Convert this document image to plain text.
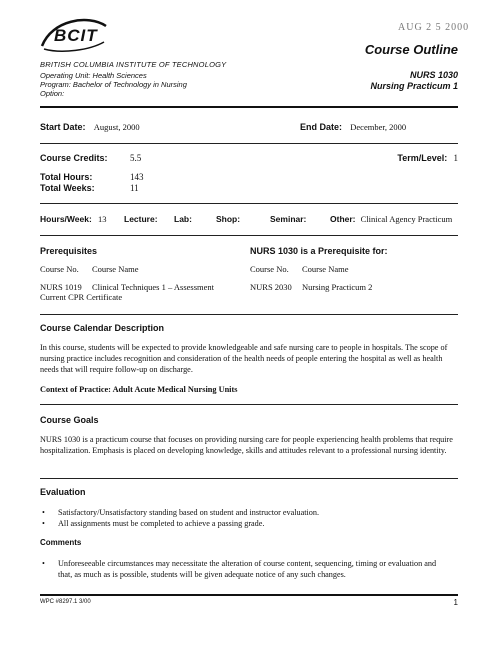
BCIT	AUG 2 5 2000
Course Outline
BRITISH COLUMBIA INSTITUTE OF TECHNOLOGY
Operating Unit: Health Sciences
Program: Bachelor of Technology in Nursing
Option:
NURS 1030
Nursing Practicum 1
Start Date: August, 2000	End Date: December, 2000
Course Credits: 5.5	Term/Level: 1
Total Hours:	143
Total Weeks:	11
Hours/Week: 13 Lecture: Lab:	Shop:	Seminar:	Other: Clinical Agency Practicum
Prerequisites	NURS 1030 is a Prerequisite for:
Course No. Course Name	Course No. Course Name
NURS 1019 Clinical Techniques 1 – Assessment
Current CPR Certificate
NURS 2030 Nursing Practicum 2
Course Calendar Description
In this course, students will be expected to provide knowledgeable and safe nursing care to people in hospitals. The scope of nursing practice includes recognition and consideration of the health needs of people entering the hospital as well as health needs that will require follow-up on discharge.
Context of Practice: Adult Acute Medical Nursing Units
Course Goals
NURS 1030 is a practicum course that focuses on providing nursing care for people experiencing health problems that require hospitalization. Emphasis is placed on developing knowledge, skills and attitudes relevant to a professional nursing identity.
Evaluation
• Satisfactory/Unsatisfactory standing based on student and instructor evaluation.
• All assignments must be completed to achieve a passing grade.
Comments
• Unforeseeable circumstances may necessitate the alteration of course content, sequencing, timing or evaluation and that, as much as is possible, students will be given adequate notice of any such changes.
WPC #8297.1 3/00	1
